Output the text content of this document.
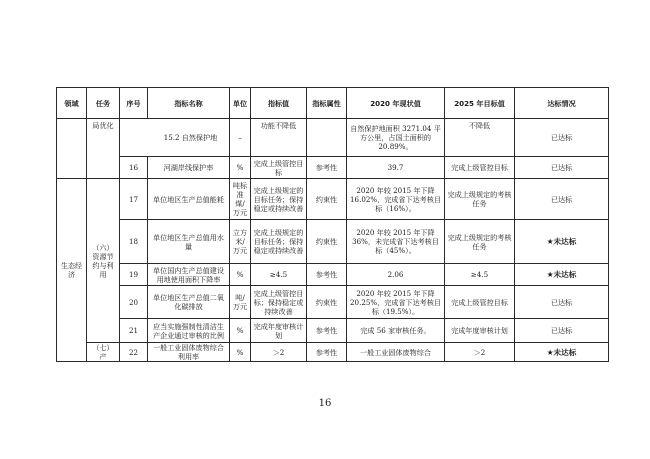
领域	任务	序号	指标名称	单位	指标值	指标属性	2020 年现状值	2025 年目标值	达标情况
	局优化	15.2 自然保护地		–	功能不降低		自然保护地面积 3271.04 平方公里，占国土面积的 20.89%。	不降低	已达标
		16	河湖岸线保护率	%	完成上级管控目标	参考性	39.7	完成上级管控目标	已达标
生态经济	（六）资源节约与利用	17	单位地区生产总值能耗	吨标准煤/万元	完成上级规定的目标任务；保持稳定或持续改善	约束性	2020 年较 2015 年下降 16.02%，完成省下达考核目标（16%）。	完成上级规定的考核任务	已达标
		18	单位地区生产总值用水量	立方米/万元	完成上级规定的目标任务；保持稳定或持续改善	约束性	2020 年较 2015 年下降 36%，未完成省下达考核目标（45%）。	完成上级规定的考核任务	★未达标
		19	单位国内生产总值建设用地使用面积下降率	%	≥4.5	参考性	2.06	≥4.5	★未达标
		20	单位地区生产总值二氧化碳排放	吨/万元	完成上级管控目标；保持稳定或持续改善	约束性	2020 年较 2015 年下降 20.25%，完成省下达考核目标（19.5%）。	完成上级管控目标	已达标
		21	应当实施强制性清洁生产企业通过审核的比例	%	完成年度审核计划	参考性	完成 56 家审核任务。	完成年度审核计划	已达标
	（七）产	22	一般工业固体废物综合利用率	%	＞2	参考性	一般工业固体废物综合	＞2	★未达标
16
